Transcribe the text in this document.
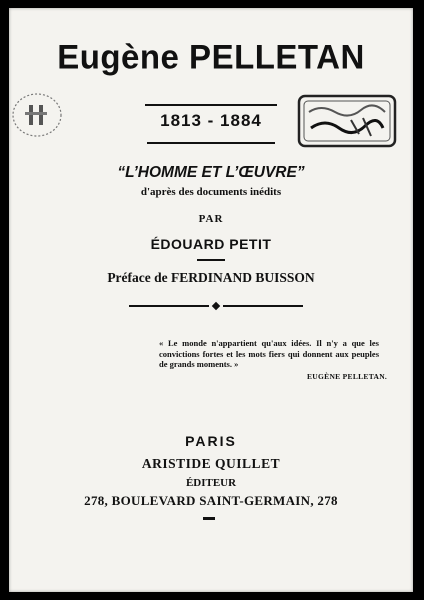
Eugène PELLETAN
1813 - 1884
“L’HOMME ET L’ŒUVRE”
d'après des documents inédits
PAR
ÉDOUARD PETIT
Préface de FERDINAND BUISSON
« Le monde n'appartient qu'aux idées. Il n'y a que les convictions fortes et les mots fiers qui donnent aux peuples de grands moments. »
EUGÈNE PELLETAN.
PARIS
ARISTIDE QUILLET
ÉDITEUR
278, BOULEVARD SAINT-GERMAIN, 278
